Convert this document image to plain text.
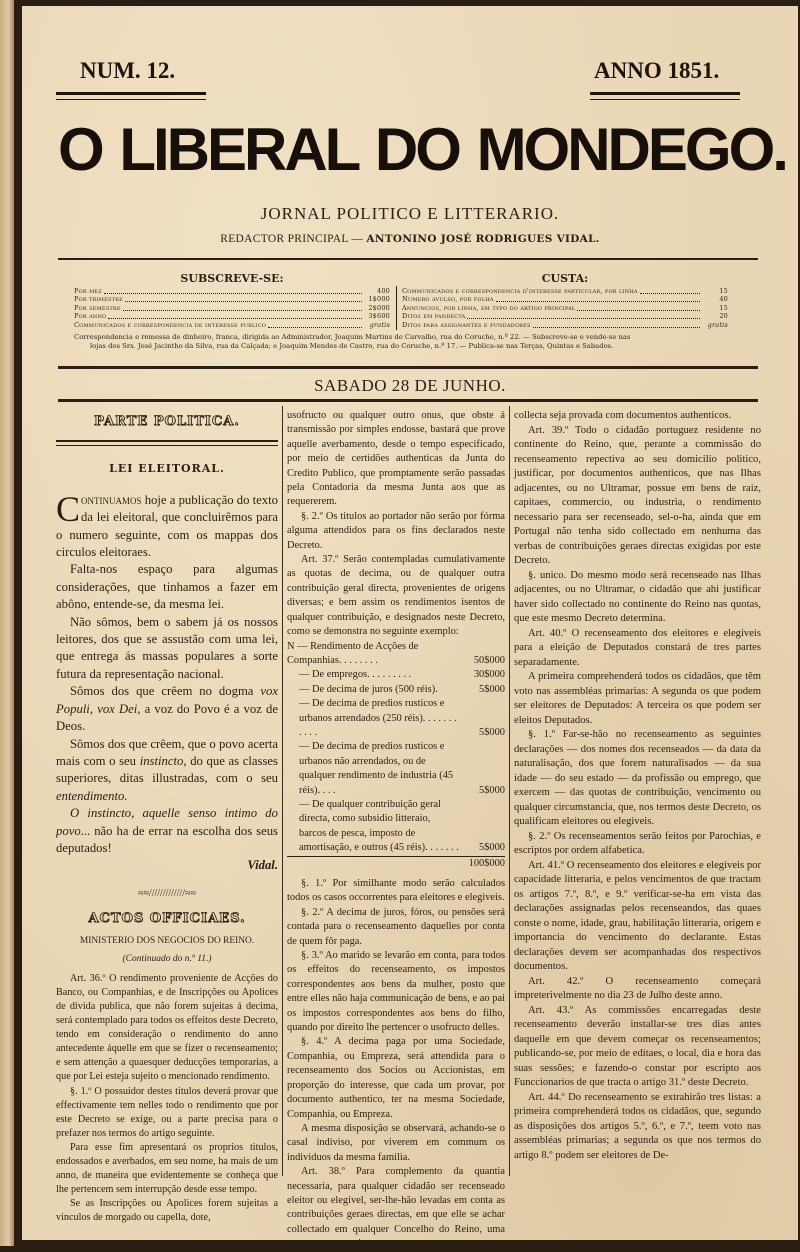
NUM. 12.	ANNO 1851.
O LIBERAL DO MONDEGO.
JORNAL POLITICO E LITTERARIO.
REDACTOR PRINCIPAL — ANTONINO JOSÉ RODRIGUES VIDAL.
SUBSCREVE-SE:
Por mez	400
Por trimestre	1$000
Por semestre	2$000
Por anno	3$600
Communicados e correspondencia de interesse publico	gratis
CUSTA:
Communicados e correspondencia d'interesse particular, por linha	15
Numero avulso, por folha	40
Annuncios, por linha, em typo do artigo principal	15
Ditos em pandecta	20
Ditos para assignantes e fundadores	gratis
Correspondencia e remessa de dinheiro, franca, dirigida ao Administrador, Joaquim Martins de Carvalho, rua do Coruche, n.º 22. — Subscreve-se e vende-se nas
lojas dos Srs. José Jacintho da Silva, rua da Calçada; e Joaquim Mendes de Castro, rua do Coruche, n.º 17. — Publica-se nas Terças, Quintas e Sabados.
SABADO 28 DE JUNHO.
PARTE POLITICA.
LEI ELEITORAL.

Continuamos hoje a publicação do texto da lei eleitoral, que concluirêmos para o numero seguinte, com os mappas dos circulos eleitoraes.

Falta-nos espaço para algumas considerações, que tinhamos a fazer em abôno, entende-se, da mesma lei.

Não sômos, bem o sabem já os nossos leitores, dos que se assustão com uma lei, que entrega ás massas populares a sorte futura da representação nacional.

Sômos dos que crêem no dogma vox Populi, vox Dei, a voz do Povo é a voz de Deos.

Sômos dos que crêem, que o povo acerta mais com o seu instincto, do que as classes superiores, ditas illustradas, com o seu entendimento.

O instincto, aquelle senso intimo do povo... não ha de errar na escolha dos seus deputados!

Vidal.

≈≈/////////////≈≈
ACTOS OFFICIAES.

MINISTERIO DOS NEGOCIOS DO REINO.

(Continuado do n.º 11.)

Art. 36.º O rendimento proveniente de Acções do Banco, ou Companhias, e de Inscripções ou Apolices de divida publica, que não forem sujeitas á decima, será contemplado para todos os effeitos deste Decreto, tendo em consideração o rendimento do anno antecedente áquelle em que se fizer o recenseamento; e sem attenção a quaesquer deducções temporarias, a que por Lei esteja sujeito o mencionado rendimento.

§. 1.º O possuidor destes titulos deverá provar que effectivamente tem nelles todo o rendimento que por este Decreto se exige, ou a parte precisa para o prefazer nos termos do artigo seguinte.

Para esse fim apresentará os proprios titulos, endossados e averbados, em seu nome, ha mais de um anno, de maneira que evidentemente se conheça que lhe pertencem sem interrupção desde esse tempo.

Se as Inscripções ou Apolices forem sujeitas a vinculos de morgado ou capella, dote,

usofructo ou qualquer outro onus, que obste á transmissão por simples endosse, bastará que prove aquelle averbamento, desde o tempo especificado, por meio de certidões authenticas da Junta do Credito Publico, que promptamente serão passadas pela Contadoria da mesma Junta aos que as requererem.

§. 2.º Os titulos ao portador não serão por fórma alguma attendidos para os fins declarados neste Decreto.

Art. 37.º Serão contempladas cumulativamente as quotas de decima, ou de qualquer outra contribuição geral directa, provenientes de origens diversas; e bem assim os rendimentos isentos de qualquer contribuição, e designados neste Decreto, como se demonstra no seguinte exemplo:

N — Rendimento de Acções de Companhias. . . . . . . .	50$000
— De empregos. . . . . . . . .	30$000
— De decima de juros (500 réis).	5$000
— De decima de predios rusticos e urbanos arrendados (250 réis). . . . . . . . . . .	5$000
— De decima de predios rusticos e urbanos não arrendados, ou de qualquer rendimento de industria (45 réis). . . .	5$000
— De qualquer contribuição geral directa, como subsidio litteraio, barcos de pesca, imposto de amortisação, e outros (45 réis). . . . . . .	5$000

100$000

§. 1.º Por similhante modo serão calculados todos os casos occorrentes para eleitores e elegiveis.

§. 2.º A decima de juros, fóros, ou pensões será contada para o recenseamento daquelles por conta de quem fôr paga.

§. 3.º Ao marido se levarão em conta, para todos os effeitos do recenseamento, os impostos correspondentes aos bens da mulher, posto que entre elles não haja communicação de bens, e ao pai os impostos correspondentes aos bens do filho, quando por direito lhe pertencer o usofructo delles.

§. 4.º A decima paga por uma Sociedade, Companhia, ou Empreza, será attendida para o recenseamento dos Socios ou Accionistas, em proporção do interesse, que cada um provar, por documento authentico, ter na mesma Sociedade, Companhia, ou Empreza.

A mesma disposição se observará, achando-se o casal indiviso, por viverem em commum os individuos da mesma familia.

Art. 38.º Para complemento da quantia necessaria, para qualquer cidadão ser recenseado eleitor ou elegivel, ser-lhe-hão levadas em conta as contribuições geraes directas, em que elle se achar collectado em qualquer Concelho do Reino, uma vez que a respectiva

collecta seja provada com documentos authenticos.

Art. 39.º Todo o cidadão portuguez residente no continente do Reino, que, perante a commissão do recenseamento repectiva ao seu domicilio politico, justificar, por documentos authenticos, que nas Ilhas adjacentes, ou no Ultramar, possue em bens de raiz, capitaes, commercio, ou industria, o rendimento necessario para ser recenseado, sel-o-ha, ainda que em Portugal não tenha sido collectado em nenhuma das verbas de contribuições geraes directas exigidas por este Decreto.

§. unico. Do mesmo modo será recenseado nas Ilhas adjacentes, ou no Ultramar, o cidadão que ahi justificar haver sido collectado no continente do Reino nas quotas, que este mesmo Decreto determina.

Art. 40.º O recenseamento dos eleitores e elegiveis para a eleição de Deputados constará de tres partes separadamente.

A primeira comprehenderá todos os cidadãos, que têm voto nas assembléas primarias: A segunda os que podem ser eleitores de Deputados: A terceira os que podem ser eleitos Deputados.

§. 1.º Far-se-hão no recenseamento as seguintes declarações — dos nomes dos recenseados — da data da naturalisação, dos que forem naturalisados — da sua idade — do seu estado — da profissão ou emprego, que exercem — das quotas de contribuição, vencimento ou qualquer circumstancia, que, nos termos deste Decreto, os qualificam eleitores ou elegiveis.

§. 2.º Os recenseamentos serão feitos por Parochias, e escriptos por ordem alfabetica.

Art. 41.º O recenseamento dos eleitores e elegiveis por capacidade litteraria, e pelos vencimentos de que tractam os artigos 7.º, 8.º, e 9.º verificar-se-ha em vista das declarações assignadas pelos recenseandos, das quaes conste o nome, idade, grau, habilitação litteraria, origem e importancia do vencimento do declarante. Estas declarações devem ser acompanhadas dos respectivos documentos.

Art. 42.º O recenseamento começará impreterivelmente no dia 23 de Julho deste anno.

Art. 43.º As commissões encarregadas deste recenseamento deverão installar-se tres dias antes daquelle em que devem começar os recenseamentos; publicando-se, por meio de editaes, o local, dia e hora das suas sessões; e fazendo-o constar por escripto aos Funccionarios de que tracta o artigo 31.º deste Decreto.

Art. 44.º Do recenseamento se extrahirão tres listas: a primeira comprehenderá todos os cidadãos, que, segundo as disposições dos artigos 5.º, 6.º, e 7.º, teem voto nas assembléas primarias; a segunda os que nos termos do artigo 8.º podem ser eleitores de De-
